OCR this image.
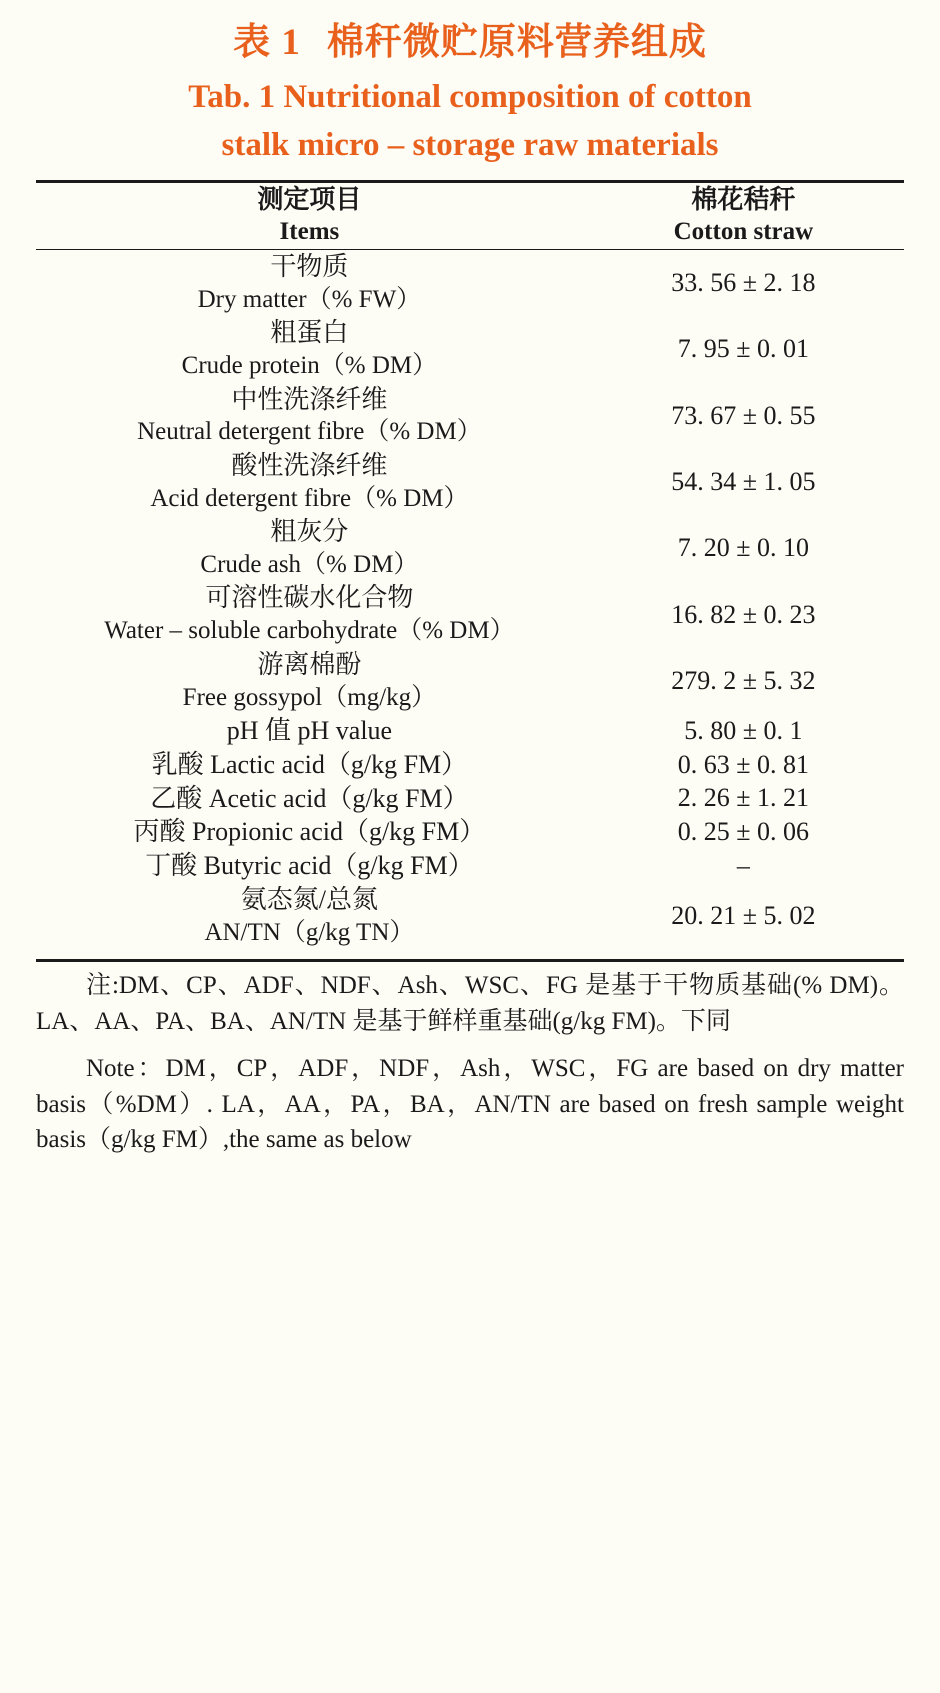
表 1 棉秆微贮原料营养组成
Tab. 1 Nutritional composition of cotton
stalk micro – storage raw materials
测定项目
Items

棉花秸秆
Cotton straw
干物质
Dry matter（% FW）	33. 56 ± 2. 18

粗蛋白
Crude protein（% DM）	7. 95 ± 0. 01

中性洗涤纤维
Neutral detergent fibre（% DM）	73. 67 ± 0. 55

酸性洗涤纤维
Acid detergent fibre（% DM）	54. 34 ± 1. 05

粗灰分
Crude ash（% DM）	7. 20 ± 0. 10

可溶性碳水化合物
Water – soluble carbohydrate（% DM）	16. 82 ± 0. 23

游离棉酚
Free gossypol（mg/kg）	279. 2 ± 5. 32

pH 值 pH value	5. 80 ± 0. 1

乳酸 Lactic acid（g/kg FM）	0. 63 ± 0. 81

乙酸 Acetic acid（g/kg FM）	2. 26 ± 1. 21

丙酸 Propionic acid（g/kg FM）	0. 25 ± 0. 06

丁酸 Butyric acid（g/kg FM）	–

氨态氮/总氮
AN/TN（g/kg TN）	20. 21 ± 5. 02
注:DM、CP、ADF、NDF、Ash、WSC、FG 是基于干物质基础(% DM)。LA、AA、PA、BA、AN/TN 是基于鲜样重基础(g/kg FM)。下同
Note：DM，CP，ADF，NDF，Ash，WSC，FG are based on dry matter basis（%DM）. LA，AA，PA，BA，AN/TN are based on fresh sample weight basis（g/kg FM）,the same as below
